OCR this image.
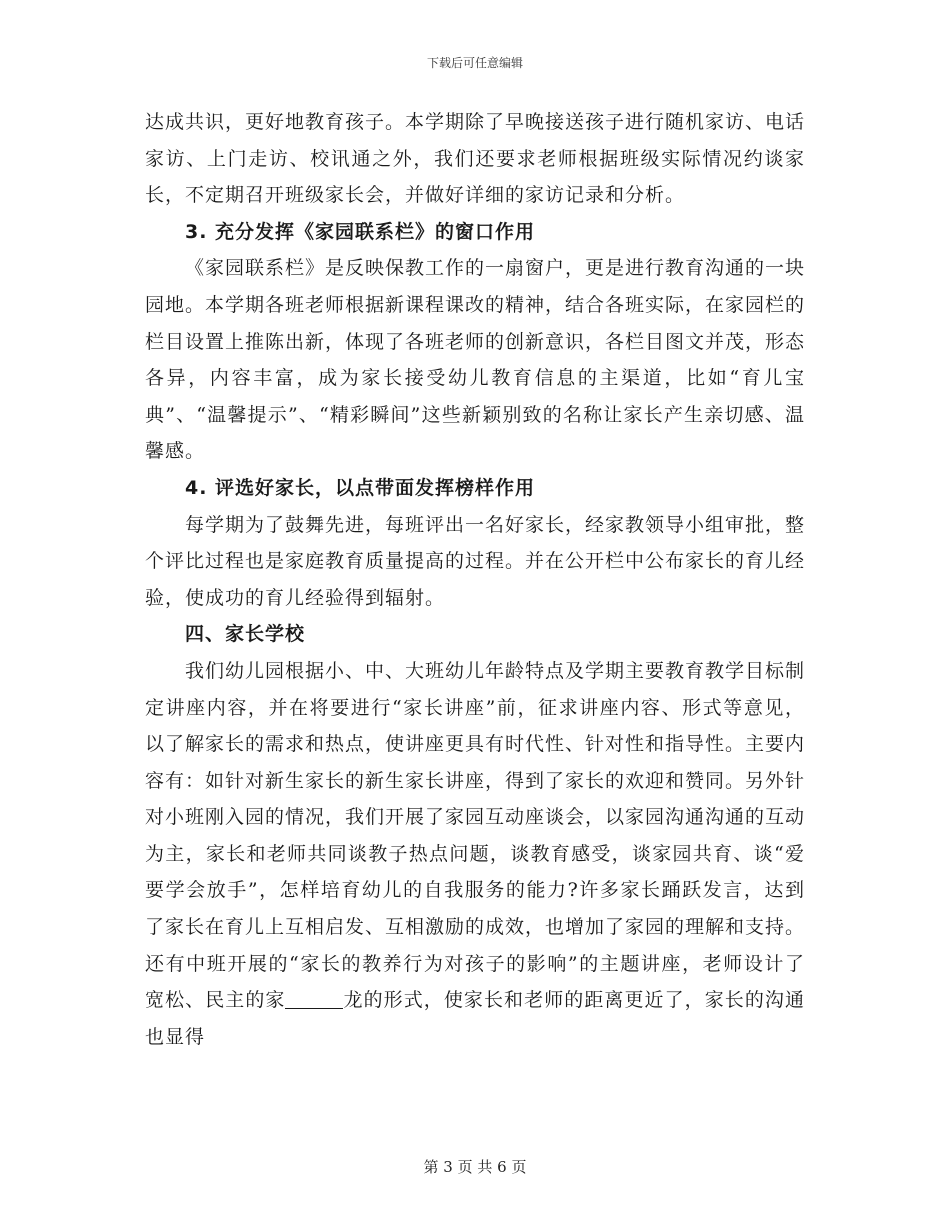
下载后可任意编辑

达成共识，更好地教育孩子。本学期除了早晚接送孩子进行随机家访、电话家访、上门走访、校讯通之外，我们还要求老师根据班级实际情况约谈家长，不定期召开班级家长会，并做好详细的家访记录和分析。

3. 充分发挥《家园联系栏》的窗口作用

《家园联系栏》是反映保教工作的一扇窗户，更是进行教育沟通的一块园地。本学期各班老师根据新课程课改的精神，结合各班实际，在家园栏的栏目设置上推陈出新，体现了各班老师的创新意识，各栏目图文并茂，形态各异，内容丰富，成为家长接受幼儿教育信息的主渠道，比如“育儿宝典”、“温馨提示”、“精彩瞬间”这些新颖别致的名称让家长产生亲切感、温馨感。

4. 评选好家长，以点带面发挥榜样作用

每学期为了鼓舞先进，每班评出一名好家长，经家教领导小组审批，整个评比过程也是家庭教育质量提高的过程。并在公开栏中公布家长的育儿经验，使成功的育儿经验得到辐射。

四、家长学校

我们幼儿园根据小、中、大班幼儿年龄特点及学期主要教育教学目标制定讲座内容，并在将要进行“家长讲座”前，征求讲座内容、形式等意见，以了解家长的需求和热点，使讲座更具有时代性、针对性和指导性。主要内容有：如针对新生家长的新生家长讲座，得到了家长的欢迎和赞同。另外针对小班刚入园的情况，我们开展了家园互动座谈会，以家园沟通沟通的互动为主，家长和老师共同谈教子热点问题，谈教育感受，谈家园共育、谈“爱要学会放手”，怎样培育幼儿的自我服务的能力?许多家长踊跃发言，达到了家长在育儿上互相启发、互相激励的成效，也增加了家园的理解和支持。还有中班开展的“家长的教养行为对孩子的影响”的主题讲座，老师设计了宽松、民主的家	龙的形式，使家长和老师的距离更近了，家长的沟通也显得

第 3 页 共 6 页
